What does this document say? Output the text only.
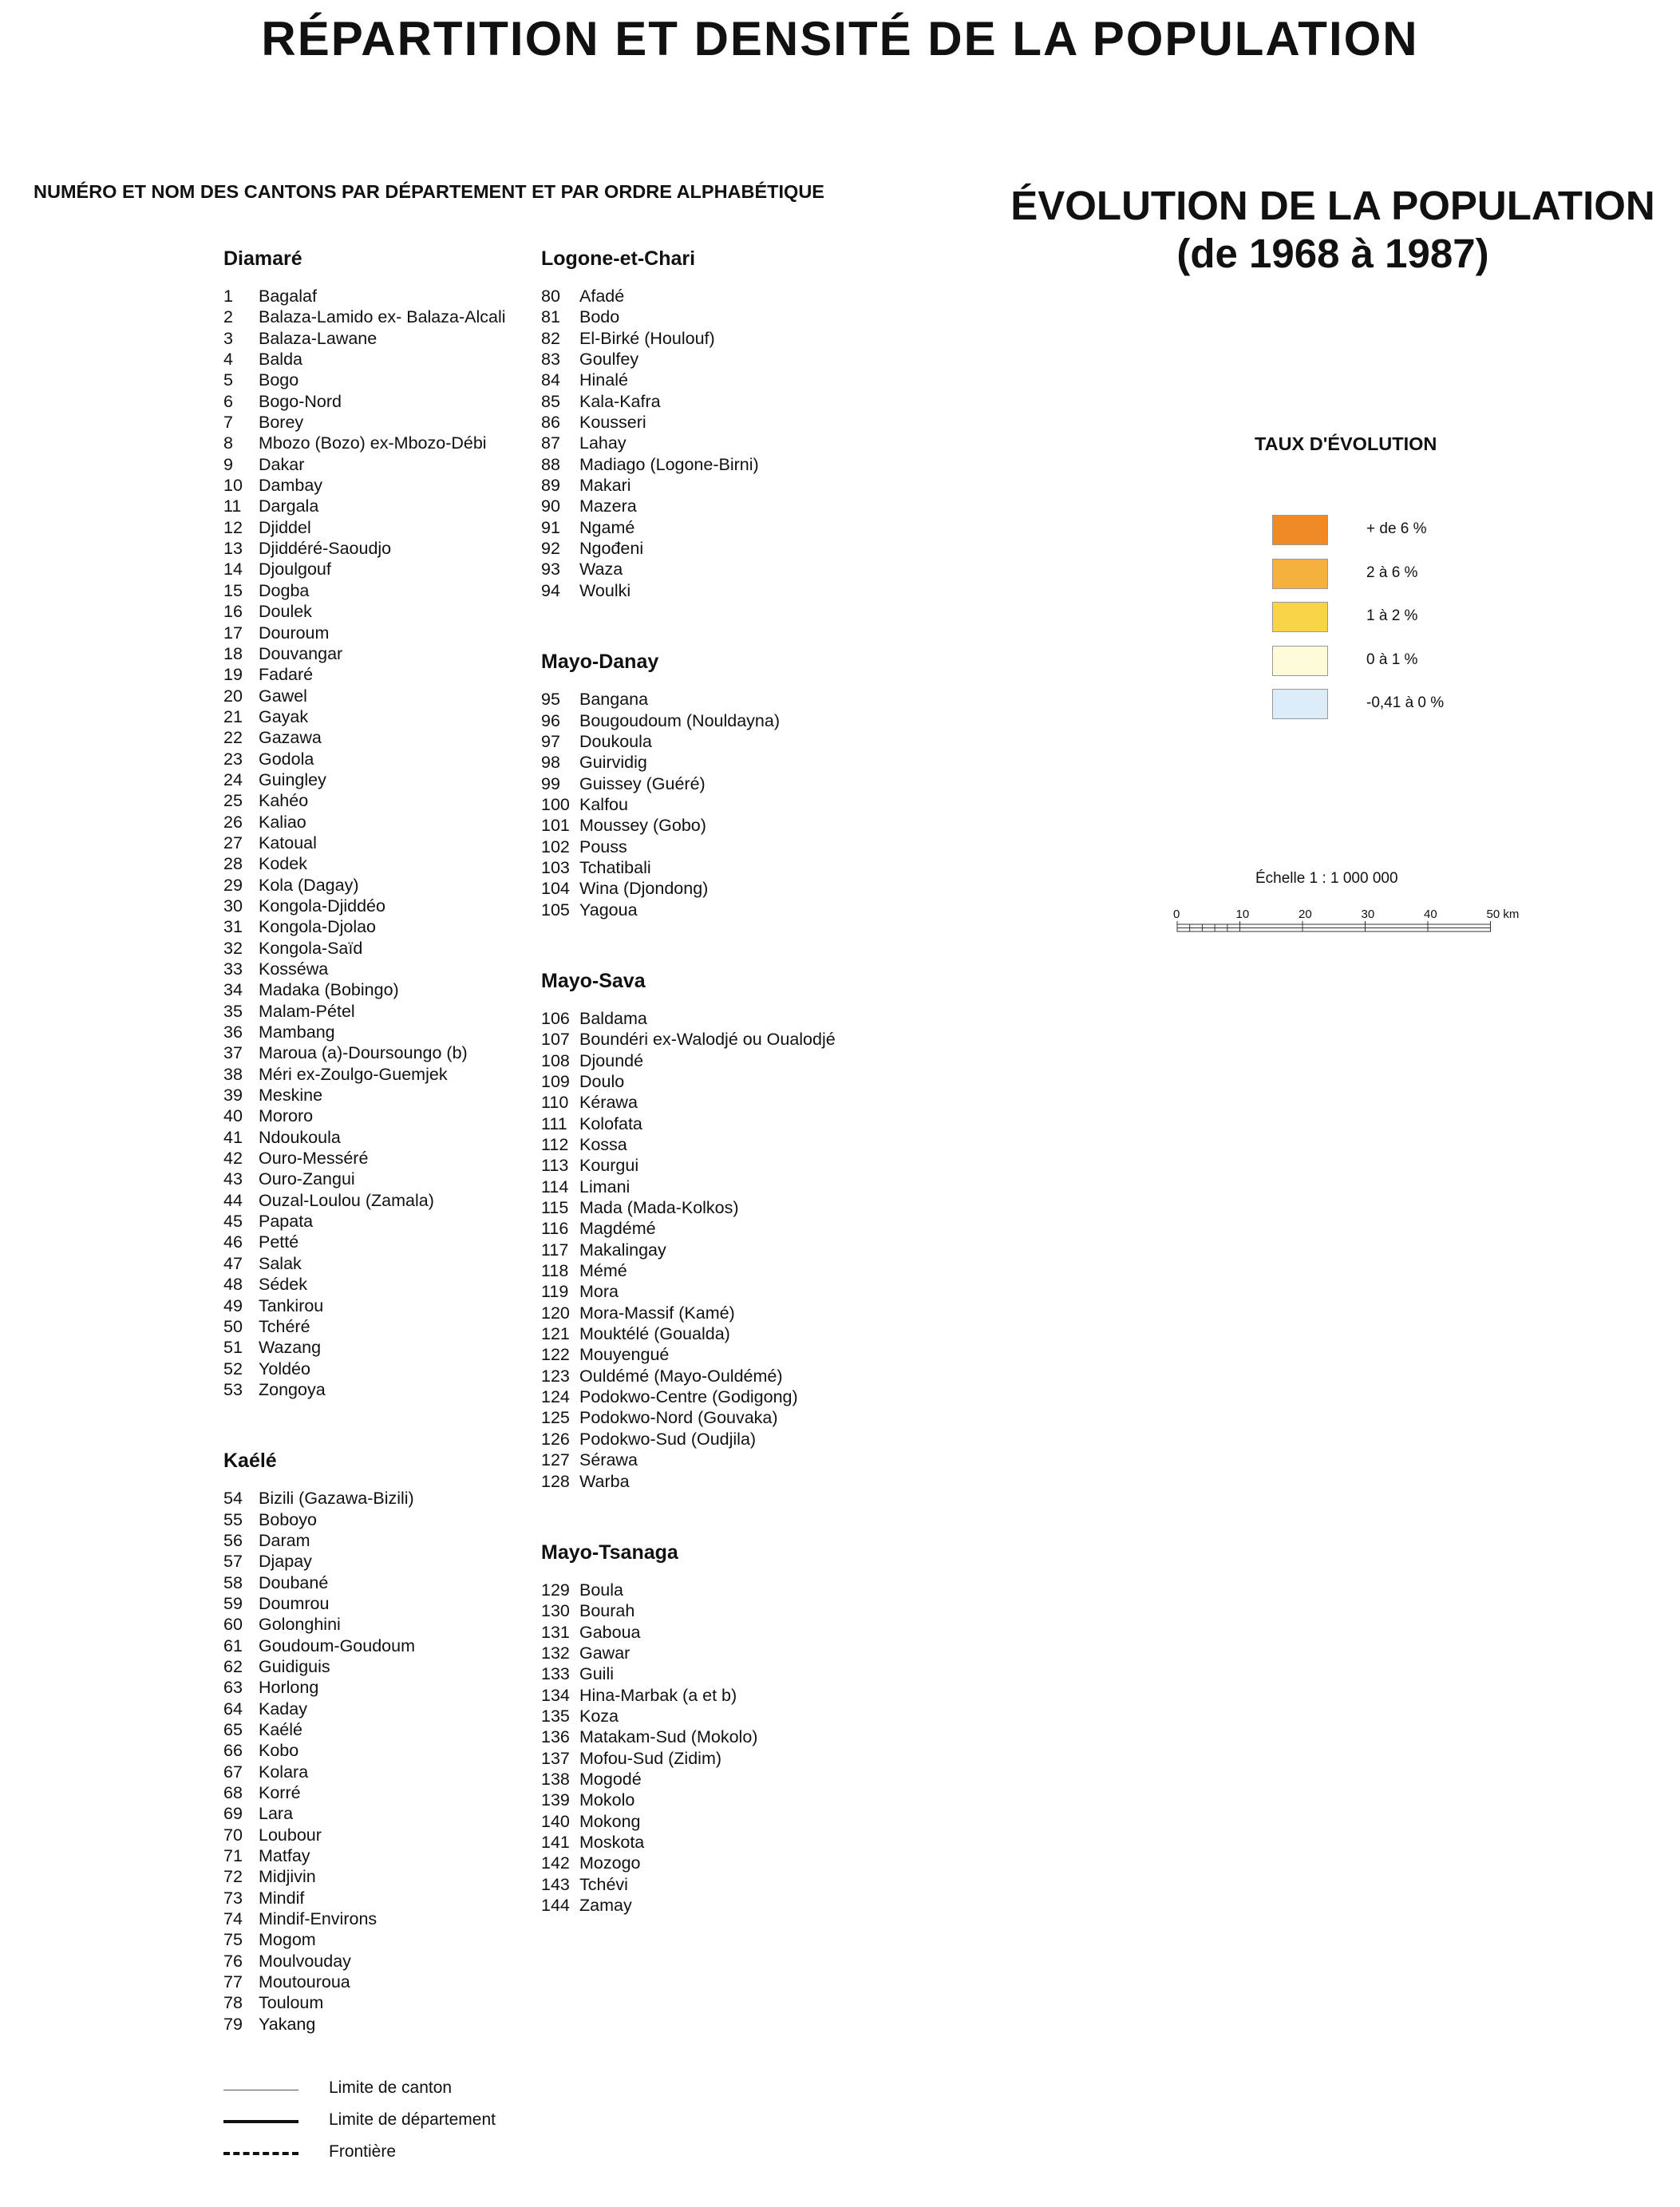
RÉPARTITION ET DENSITÉ DE LA POPULATION
NUMÉRO ET NOM DES CANTONS PAR DÉPARTEMENT ET PAR ORDRE ALPHABÉTIQUE
Diamaré
1 Bagalaf
2 Balaza-Lamido ex- Balaza-Alcali
3 Balaza-Lawane
4 Balda
5 Bogo
6 Bogo-Nord
7 Borey
8 Mbozo (Bozo) ex-Mbozo-Débi
9 Dakar
10 Dambay
11 Dargala
12 Djiddel
13 Djiddéré-Saoudjo
14 Djoulgouf
15 Dogba
16 Doulek
17 Douroum
18 Douvangar
19 Fadaré
20 Gawel
21 Gayak
22 Gazawa
23 Godola
24 Guingley
25 Kahéo
26 Kaliao
27 Katoual
28 Kodek
29 Kola (Dagay)
30 Kongola-Djiddéo
31 Kongola-Djolao
32 Kongola-Saïd
33 Kosséwa
34 Madaka (Bobingo)
35 Malam-Pétel
36 Mambang
37 Maroua (a)-Doursoungo (b)
38 Méri ex-Zoulgo-Guemjek
39 Meskine
40 Mororo
41 Ndoukoula
42 Ouro-Messéré
43 Ouro-Zangui
44 Ouzal-Loulou (Zamala)
45 Papata
46 Petté
47 Salak
48 Sédek
49 Tankirou
50 Tchéré
51 Wazang
52 Yoldéo
53 Zongoya
Kaélé
54 Bizili (Gazawa-Bizili)
55 Boboyo
56 Daram
57 Djapay
58 Doubané
59 Doumrou
60 Golonghini
61 Goudoum-Goudoum
62 Guidiguis
63 Horlong
64 Kaday
65 Kaélé
66 Kobo
67 Kolara
68 Korré
69 Lara
70 Loubour
71 Matfay
72 Midjivin
73 Mindif
74 Mindif-Environs
75 Mogom
76 Moulvouday
77 Moutouroua
78 Touloum
79 Yakang
Logone-et-Chari
80 Afadé
81 Bodo
82 El-Birké (Houlouf)
83 Goulfey
84 Hinalé
85 Kala-Kafra
86 Kousseri
87 Lahay
88 Madiago (Logone-Birni)
89 Makari
90 Mazera
91 Ngamé
92 Ngođeni
93 Waza
94 Woulki
Mayo-Danay
95 Bangana
96 Bougoudoum (Nouldayna)
97 Doukoula
98 Guirvidig
99 Guissey (Guéré)
100 Kalfou
101 Moussey (Gobo)
102 Pouss
103 Tchatibali
104 Wina (Djondong)
105 Yagoua
Mayo-Sava
106 Baldama
107 Boundéri ex-Walodjé ou Oualodjé
108 Djoundé
109 Doulo
110 Kérawa
111 Kolofata
112 Kossa
113 Kourgui
114 Limani
115 Mada (Mada-Kolkos)
116 Magdémé
117 Makalingay
118 Mémé
119 Mora
120 Mora-Massif (Kamé)
121 Mouktélé (Goualda)
122 Mouyengué
123 Ouldémé (Mayo-Ouldémé)
124 Podokwo-Centre (Godigong)
125 Podokwo-Nord (Gouvaka)
126 Podokwo-Sud (Oudjila)
127 Sérawa
128 Warba
Mayo-Tsanaga
129 Boula
130 Bourah
131 Gaboua
132 Gawar
133 Guili
134 Hina-Marbak (a et b)
135 Koza
136 Matakam-Sud (Mokolo)
137 Mofou-Sud (Zidim)
138 Mogodé
139 Mokolo
140 Mokong
141 Moskota
142 Mozogo
143 Tchévi
144 Zamay
Limite de canton
Limite de département
Frontière
ÉVOLUTION DE LA POPULATION
(de 1968 à 1987)
TAUX D'ÉVOLUTION
+ de 6 %
2 à 6 %
1 à 2 %
0 à 1 %
-0,41 à 0 %
Échelle 1 : 1 000 000
0	10	20	30	40	50 km
